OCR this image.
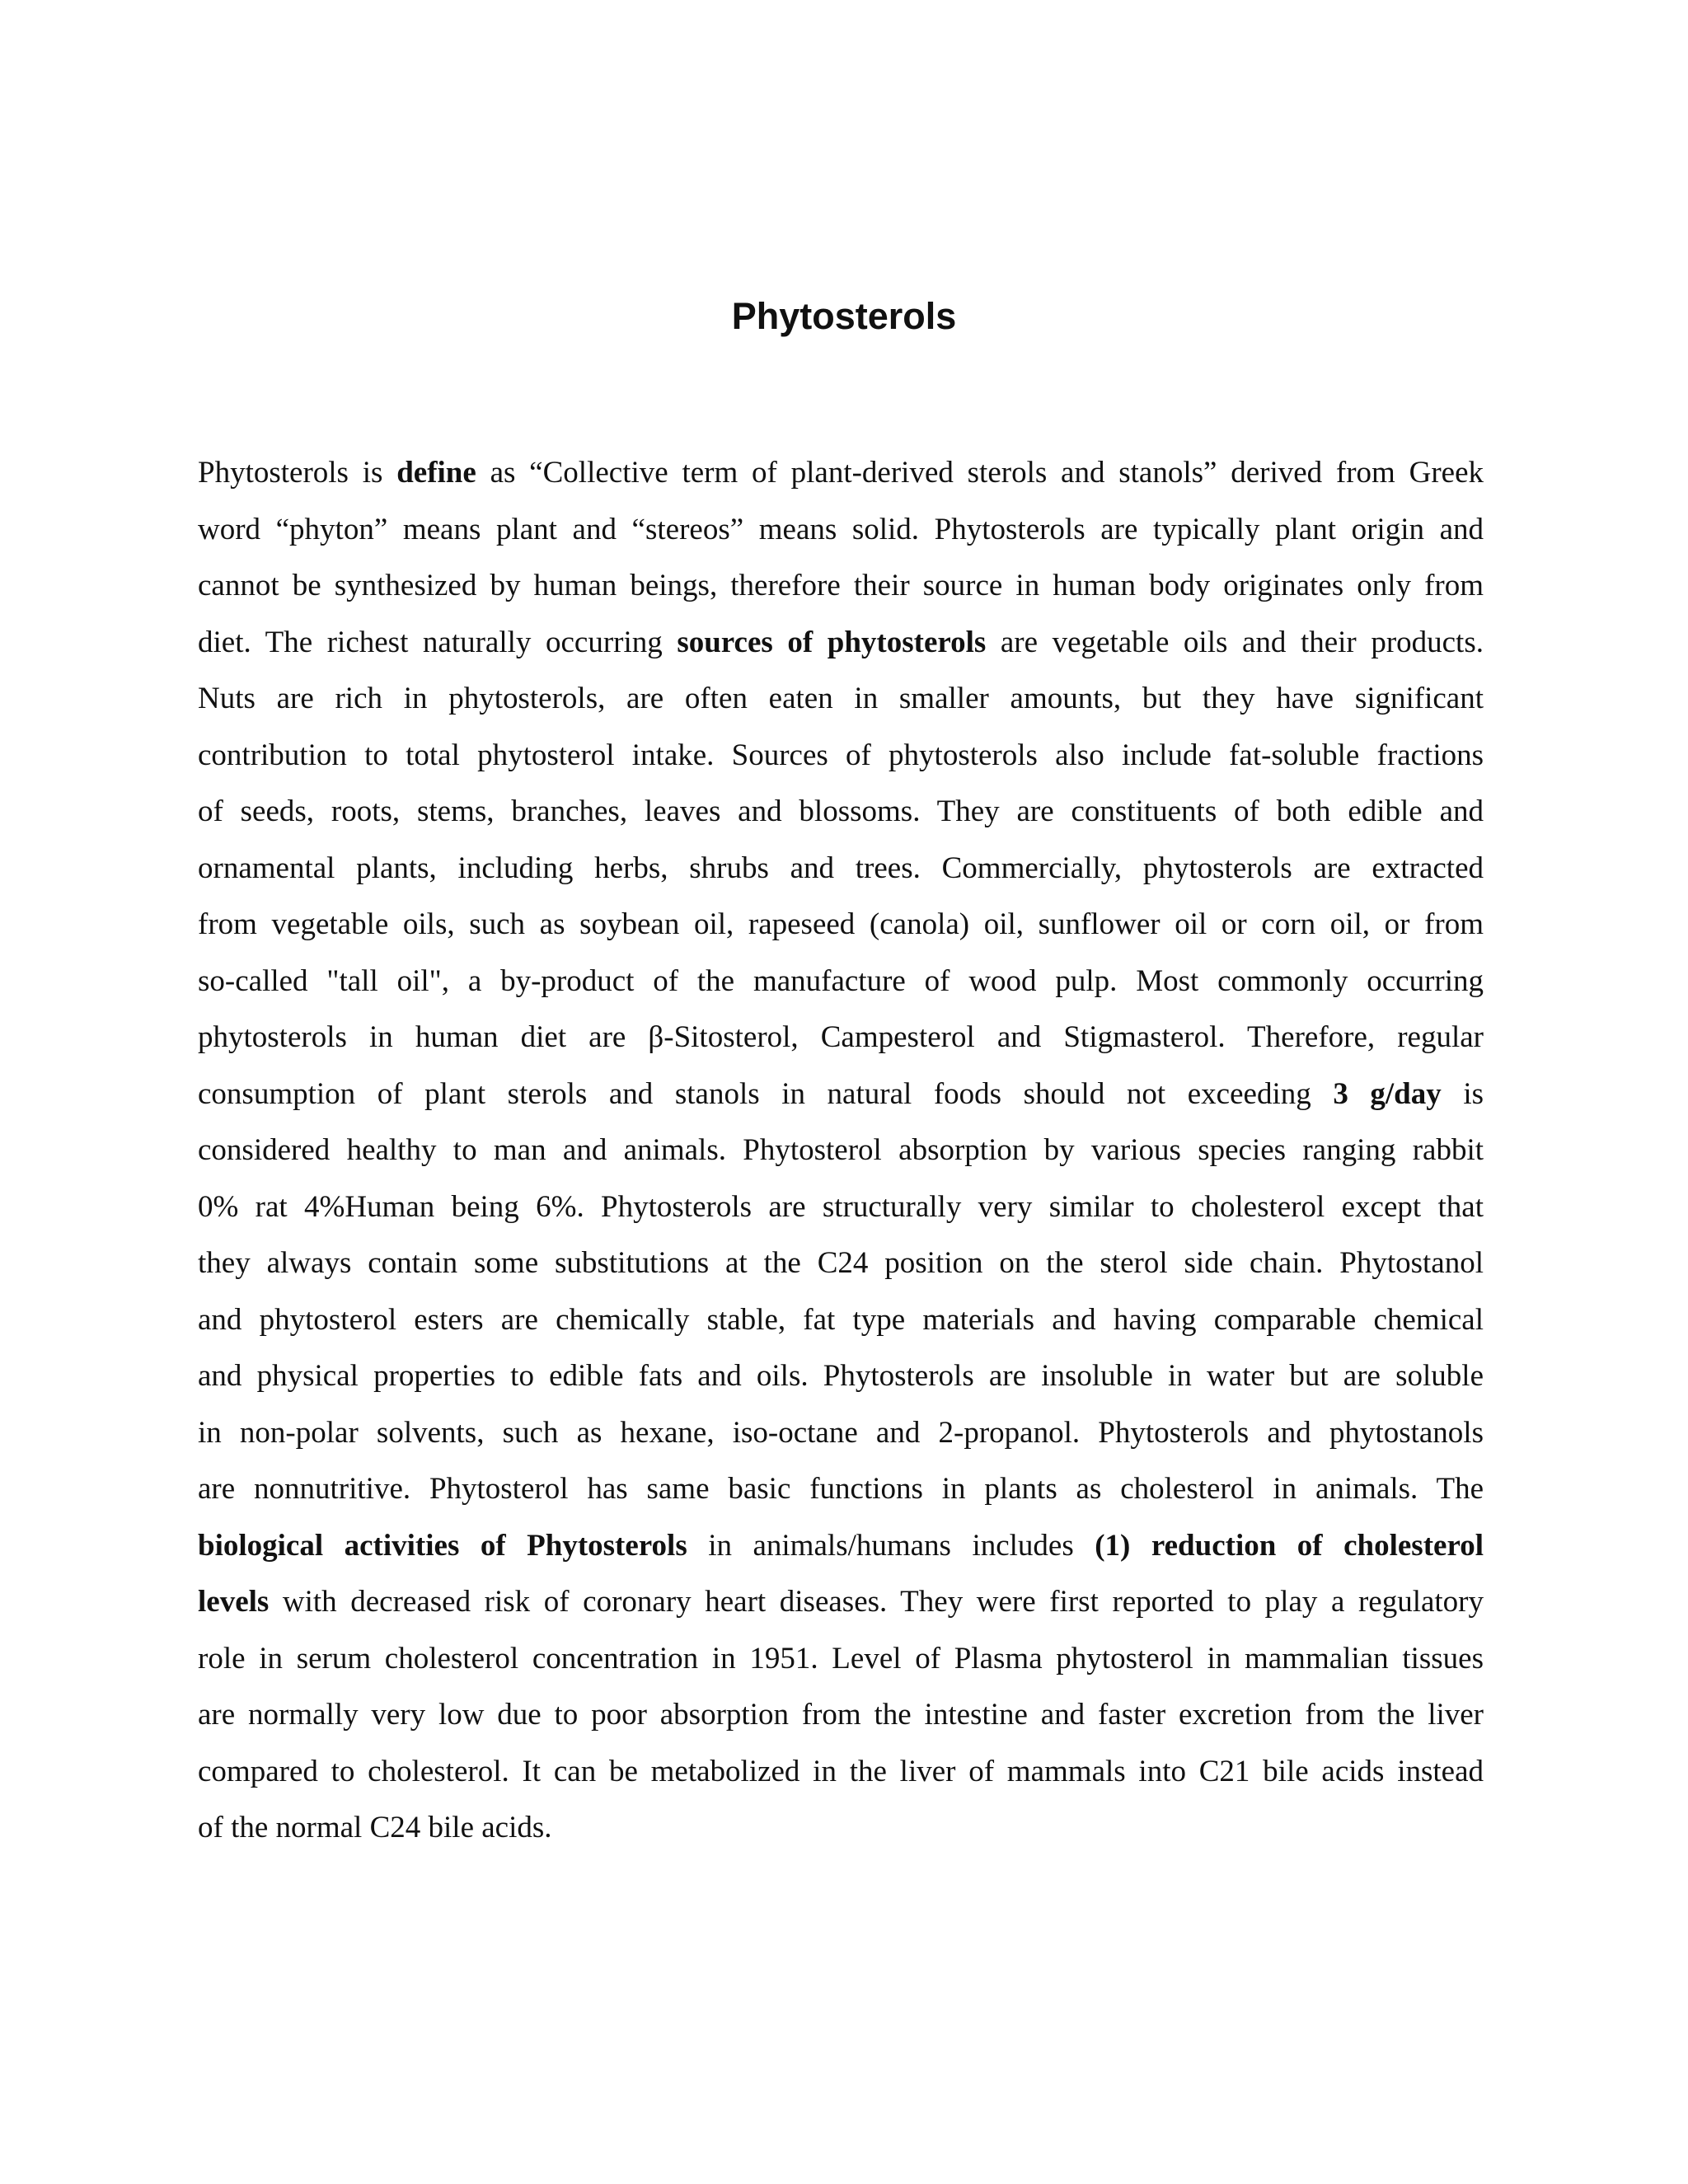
Phytosterols
Phytosterols is define as “Collective term of plant-derived sterols and stanols” derived from Greek
word “phyton” means plant and “stereos” means solid. Phytosterols are typically plant origin and
cannot be synthesized by human beings, therefore their source in human body originates only from
diet. The richest naturally occurring sources of phytosterols are vegetable oils and their products.
Nuts are rich in phytosterols, are often eaten in smaller amounts, but they have significant
contribution to total phytosterol intake. Sources of phytosterols also include fat-soluble fractions
of seeds, roots, stems, branches, leaves and blossoms. They are constituents of both edible and
ornamental plants, including herbs, shrubs and trees. Commercially, phytosterols are extracted
from vegetable oils, such as soybean oil, rapeseed (canola) oil, sunflower oil or corn oil, or from
so-called "tall oil", a by-product of the manufacture of wood pulp. Most commonly occurring
phytosterols in human diet are β-Sitosterol, Campesterol and Stigmasterol. Therefore, regular
consumption of plant sterols and stanols in natural foods should not exceeding 3 g/day is
considered healthy to man and animals. Phytosterol absorption by various species ranging rabbit
0% rat 4%Human being 6%. Phytosterols are structurally very similar to cholesterol except that
they always contain some substitutions at the C24 position on the sterol side chain. Phytostanol
and phytosterol esters are chemically stable, fat type materials and having comparable chemical
and physical properties to edible fats and oils. Phytosterols are insoluble in water but are soluble
in non-polar solvents, such as hexane, iso-octane and 2-propanol. Phytosterols and phytostanols
are nonnutritive. Phytosterol has same basic functions in plants as cholesterol in animals. The
biological activities of Phytosterols in animals/humans includes (1) reduction of cholesterol
levels with decreased risk of coronary heart diseases. They were first reported to play a regulatory
role in serum cholesterol concentration in 1951. Level of Plasma phytosterol in mammalian tissues
are normally very low due to poor absorption from the intestine and faster excretion from the liver
compared to cholesterol. It can be metabolized in the liver of mammals into C21 bile acids instead
of the normal C24 bile acids.
